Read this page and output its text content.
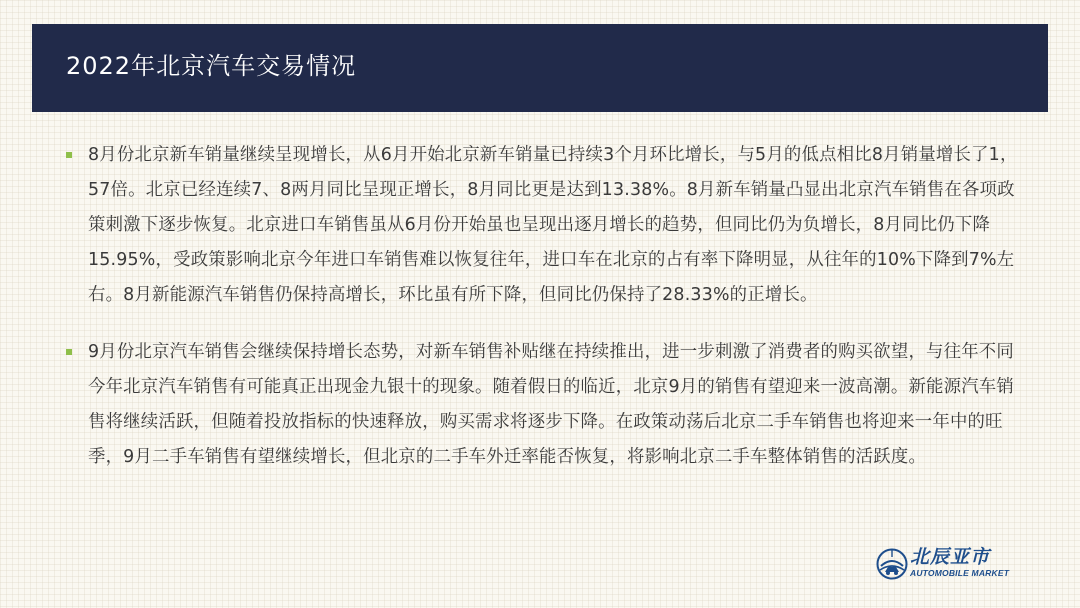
2022年北京汽车交易情况
8月份北京新车销量继续呈现增长，从6月开始北京新车销量已持续3个月环比增长，与5月的低点相比8月销量增长了1，57倍。北京已经连续7、8两月同比呈现正增长，8月同比更是达到13.38%。8月新车销量凸显出北京汽车销售在各项政策刺激下逐步恢复。北京进口车销售虽从6月份开始虽也呈现出逐月增长的趋势，但同比仍为负增长，8月同比仍下降15.95%，受政策影响北京今年进口车销售难以恢复往年，进口车在北京的占有率下降明显，从往年的10%下降到7%左右。8月新能源汽车销售仍保持高增长，环比虽有所下降，但同比仍保持了28.33%的正增长。
9月份北京汽车销售会继续保持增长态势，对新车销售补贴继在持续推出，进一步刺激了消费者的购买欲望，与往年不同今年北京汽车销售有可能真正出现金九银十的现象。随着假日的临近，北京9月的销售有望迎来一波高潮。新能源汽车销售将继续活跃，但随着投放指标的快速释放，购买需求将逐步下降。在政策动荡后北京二手车销售也将迎来一年中的旺季，9月二手车销售有望继续增长，但北京的二手车外迁率能否恢复，将影响北京二手车整体销售的活跃度。
北辰亚市
AUTOMOBILE MARKET
